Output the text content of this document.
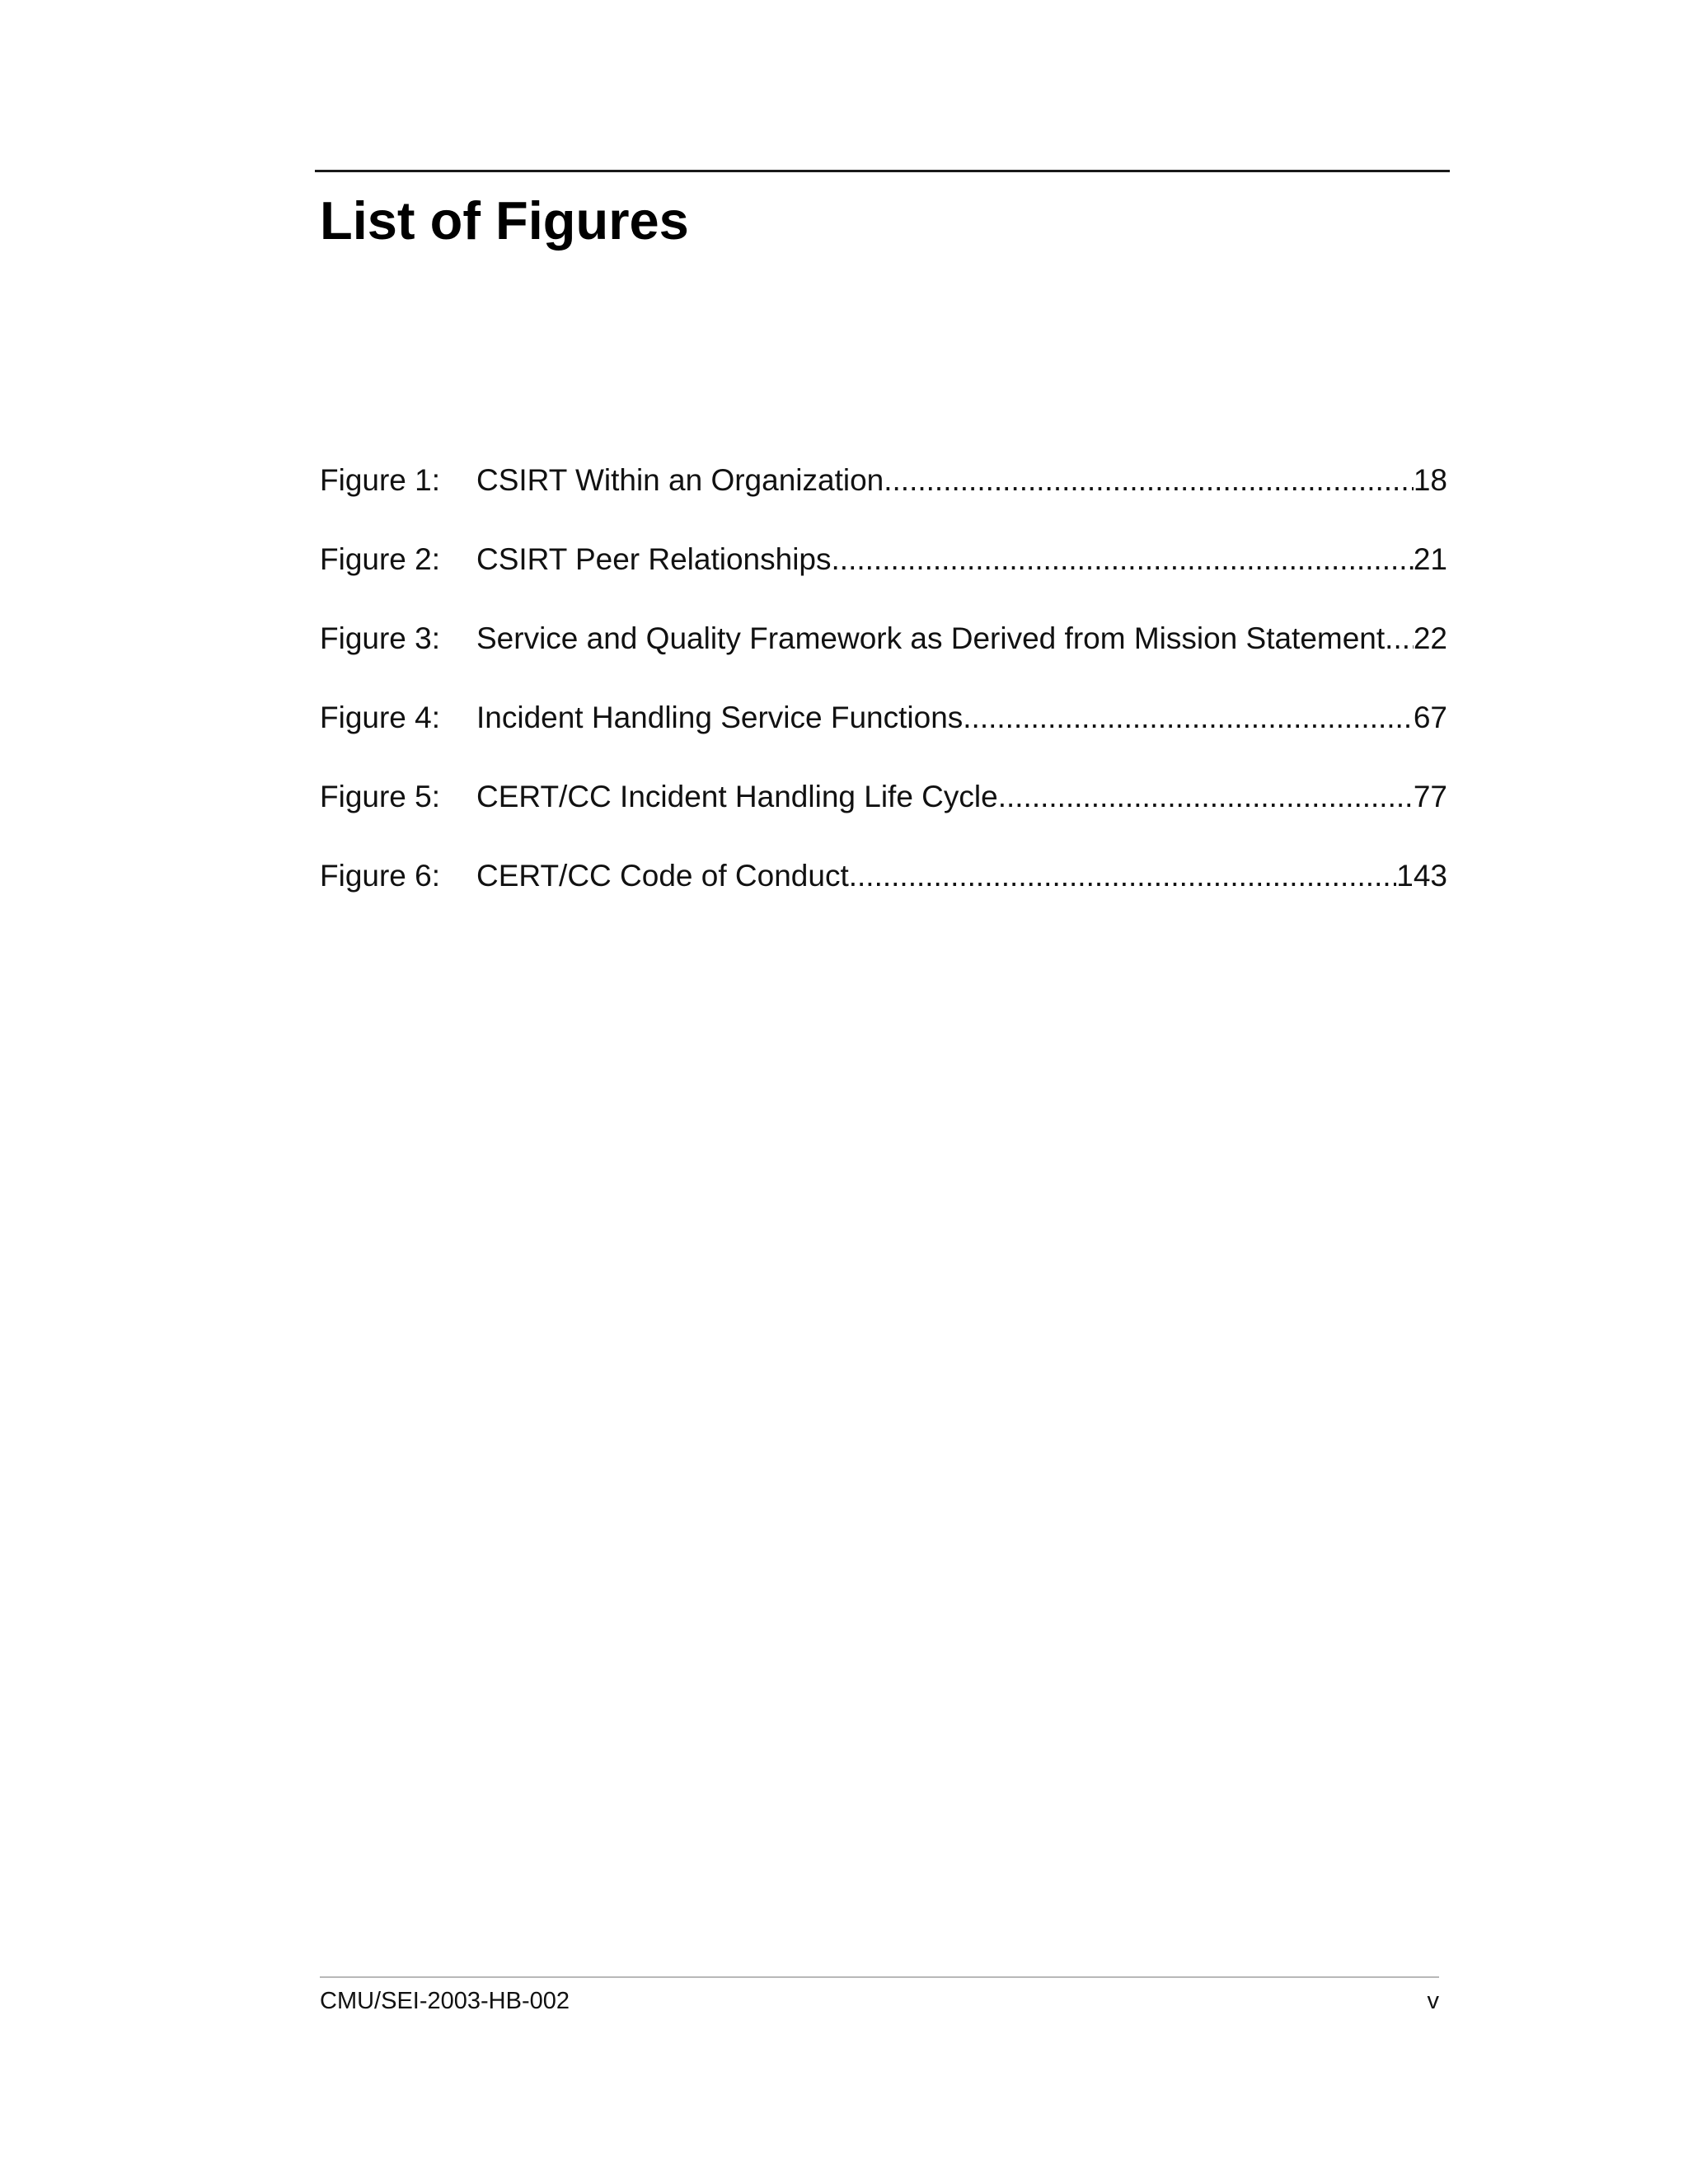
List of Figures
Figure 1:	CSIRT Within an Organization .....	18
Figure 2:	CSIRT Peer Relationships .....	21
Figure 3:	Service and Quality Framework as Derived from Mission Statement ..... 22
Figure 4:	Incident Handling Service Functions .....	67
Figure 5:	CERT/CC Incident Handling Life Cycle .....	77
Figure 6:	CERT/CC Code of Conduct .....	143
CMU/SEI-2003-HB-002	v
